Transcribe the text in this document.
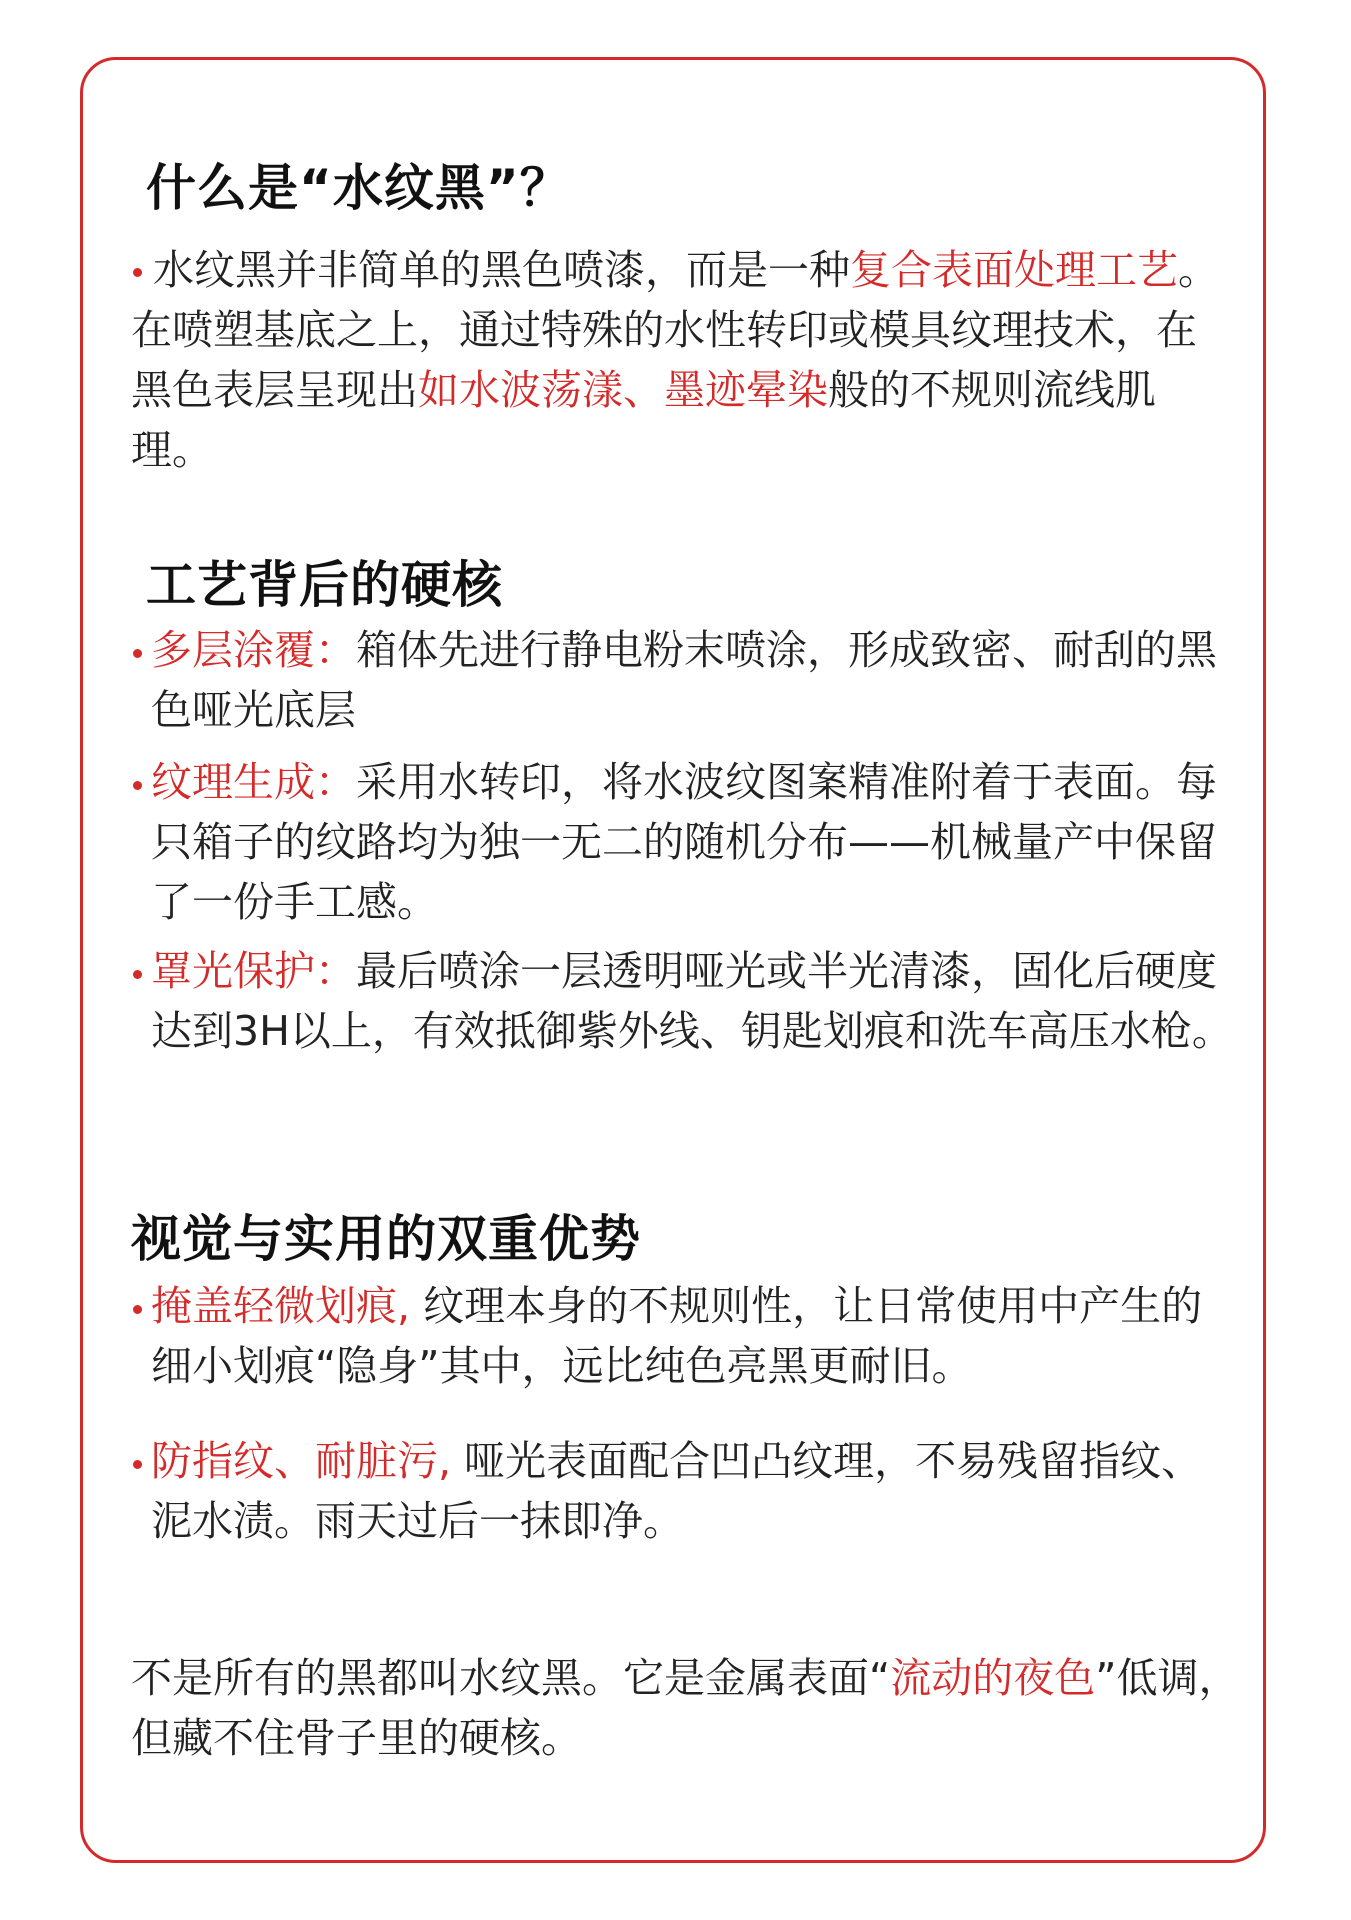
什么是“水纹黑”？

水纹黑并非简单的黑色喷漆，而是一种复合表面处理工艺。在喷塑基底之上，通过特殊的水性转印或模具纹理技术，在黑色表层呈现出如水波荡漾、墨迹晕染般的不规则流线肌理。

工艺背后的硬核

多层涂覆：箱体先进行静电粉末喷涂，形成致密、耐刮的黑色哑光底层

纹理生成：采用水转印，将水波纹图案精准附着于表面。每只箱子的纹路均为独一无二的随机分布——机械量产中保留了一份手工感。

罩光保护：最后喷涂一层透明哑光或半光清漆，固化后硬度达到3H以上，有效抵御紫外线、钥匙划痕和洗车高压水枪。

视觉与实用的双重优势

掩盖轻微划痕, 纹理本身的不规则性，让日常使用中产生的细小划痕“隐身”其中，远比纯色亮黑更耐旧。

防指纹、耐脏污, 哑光表面配合凹凸纹理，不易残留指纹、泥水渍。雨天过后一抹即净。

不是所有的黑都叫水纹黑。它是金属表面“流动的夜色”低调，但藏不住骨子里的硬核。
